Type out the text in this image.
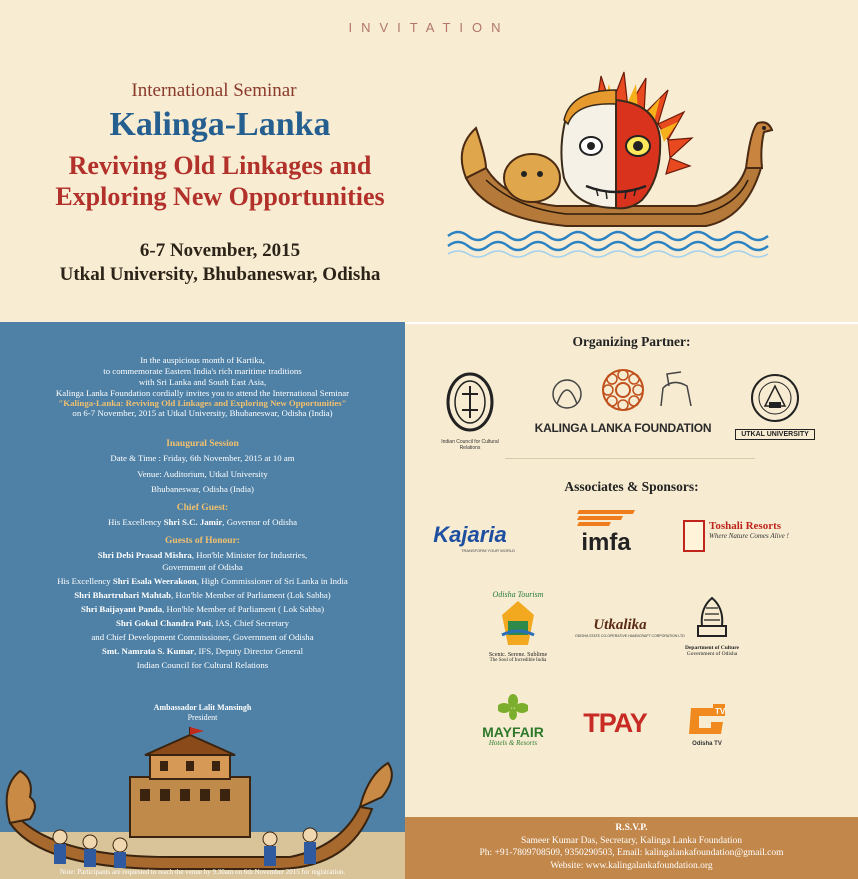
INVITATION
International Seminar
Kalinga-Lanka
Reviving Old Linkages and
Exploring New Opportunities
6-7 November, 2015
Utkal University, Bhubaneswar, Odisha
In the auspicious month of Kartika,
to commemorate Eastern India's rich maritime traditions
with Sri Lanka and South East Asia,
Kalinga Lanka Foundation cordially invites you to attend the International Seminar
"Kalinga-Lanka: Reviving Old Linkages and Exploring New Opportunities"
on 6-7 November, 2015 at Utkal University, Bhubaneswar, Odisha (India)
Inaugural Session
Date & Time : Friday, 6th November, 2015 at 10 am
Venue: Auditorium, Utkal University
Bhubaneswar, Odisha (India)
Chief Guest:
His Excellency Shri S.C. Jamir, Governor of Odisha
Guests of Honour:
Shri Debi Prasad Mishra, Hon'ble Minister for Industries,
Government of Odisha
His Excellency Shri Esala Weerakoon, High Commissioner of Sri Lanka in India
Shri Bhartruhari Mahtab, Hon'ble Member of Parliament (Lok Sabha)
Shri Baijayant Panda, Hon'ble Member of Parliament ( Lok Sabha)
Shri Gokul Chandra Pati, IAS, Chief Secretary
and Chief Development Commissioner, Government of Odisha
Smt. Namrata S. Kumar, IFS, Deputy Director General
Indian Council for Cultural Relations
Ambassador Lalit Mansingh
President
Note: Participants are requested to reach the venue by 9.30am on 6th November 2015 for registration.
Organizing Partner:
Indian Council for Cultural Relations
KALINGA LANKA FOUNDATION	UTKAL UNIVERSITY
Associates & Sponsors:
Kajaria
TRANSFORM YOUR WORLD	imfa
Toshali Resorts
Where Nature Comes Alive !
Odisha Tourism
Scenic. Serene. Sublime
The Soul of Incredible India
Utkalika
ODISHA STATE CO-OPERATIVE HANDICRAFT CORPORATION LTD
Department of Culture
Government of Odisha
MAYFAIR
Hotels & Resorts
TPAY	TV
Odisha TV
R.S.V.P.
Sameer Kumar Das, Secretary, Kalinga Lanka Foundation
Ph: +91-7809708509, 9350290503, Email: kalingalankafoundation@gmail.com
Website: www.kalingalankafoundation.org
